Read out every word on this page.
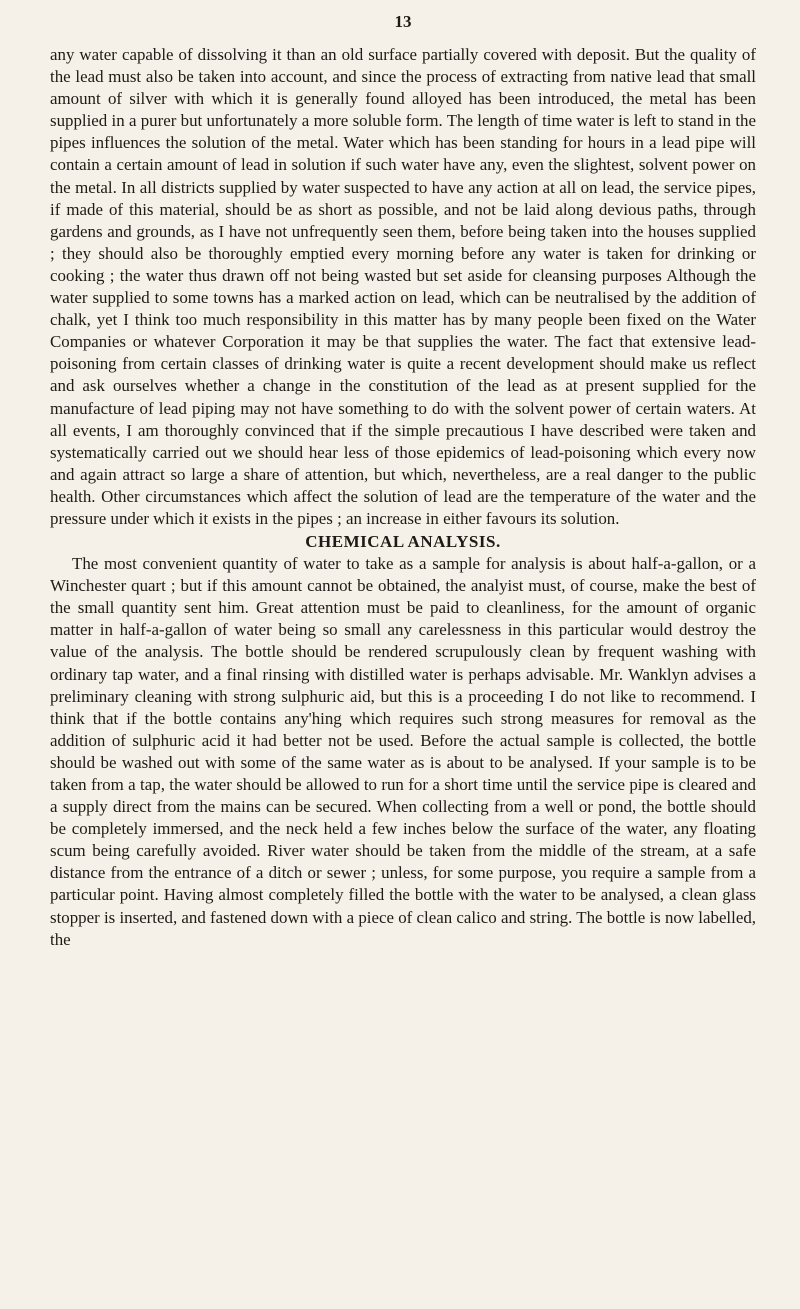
13

any water capable of dissolving it than an old surface partially covered with deposit. But the quality of the lead must also be taken into account, and since the process of extracting from native lead that small amount of silver with which it is generally found alloyed has been introduced, the metal has been supplied in a purer but unfortunately a more soluble form. The length of time water is left to stand in the pipes influences the solution of the metal. Water which has been standing for hours in a lead pipe will contain a certain amount of lead in solution if such water have any, even the slightest, solvent power on the metal. In all districts supplied by water suspected to have any action at all on lead, the service pipes, if made of this material, should be as short as possible, and not be laid along devious paths, through gardens and grounds, as I have not unfrequently seen them, before being taken into the houses supplied ; they should also be thoroughly emptied every morning before any water is taken for drinking or cooking ; the water thus drawn off not being wasted but set aside for cleansing purposes Although the water supplied to some towns has a marked action on lead, which can be neutralised by the addition of chalk, yet I think too much responsibility in this matter has by many people been fixed on the Water Companies or whatever Corporation it may be that supplies the water. The fact that extensive lead-poisoning from certain classes of drinking water is quite a recent development should make us reflect and ask ourselves whether a change in the constitution of the lead as at present supplied for the manufacture of lead piping may not have something to do with the solvent power of certain waters. At all events, I am thoroughly convinced that if the simple precautious I have described were taken and systematically carried out we should hear less of those epidemics of lead-poisoning which every now and again attract so large a share of attention, but which, nevertheless, are a real danger to the public health. Other circumstances which affect the solution of lead are the temperature of the water and the pressure under which it exists in the pipes ; an increase in either favours its solution.

CHEMICAL ANALYSIS.

The most convenient quantity of water to take as a sample for analysis is about half-a-gallon, or a Winchester quart ; but if this amount cannot be obtained, the analyist must, of course, make the best of the small quantity sent him. Great attention must be paid to cleanliness, for the amount of organic matter in half-a-gallon of water being so small any carelessness in this particular would destroy the value of the analysis. The bottle should be rendered scrupulously clean by frequent washing with ordinary tap water, and a final rinsing with distilled water is perhaps advisable. Mr. Wanklyn advises a preliminary cleaning with strong sulphuric aid, but this is a proceeding I do not like to recommend. I think that if the bottle contains any'hing which requires such strong measures for removal as the addition of sulphuric acid it had better not be used. Before the actual sample is collected, the bottle should be washed out with some of the same water as is about to be analysed. If your sample is to be taken from a tap, the water should be allowed to run for a short time until the service pipe is cleared and a supply direct from the mains can be secured. When collecting from a well or pond, the bottle should be completely immersed, and the neck held a few inches below the surface of the water, any floating scum being carefully avoided. River water should be taken from the middle of the stream, at a safe distance from the entrance of a ditch or sewer ; unless, for some purpose, you require a sample from a particular point. Having almost completely filled the bottle with the water to be analysed, a clean glass stopper is inserted, and fastened down with a piece of clean calico and string. The bottle is now labelled, the
